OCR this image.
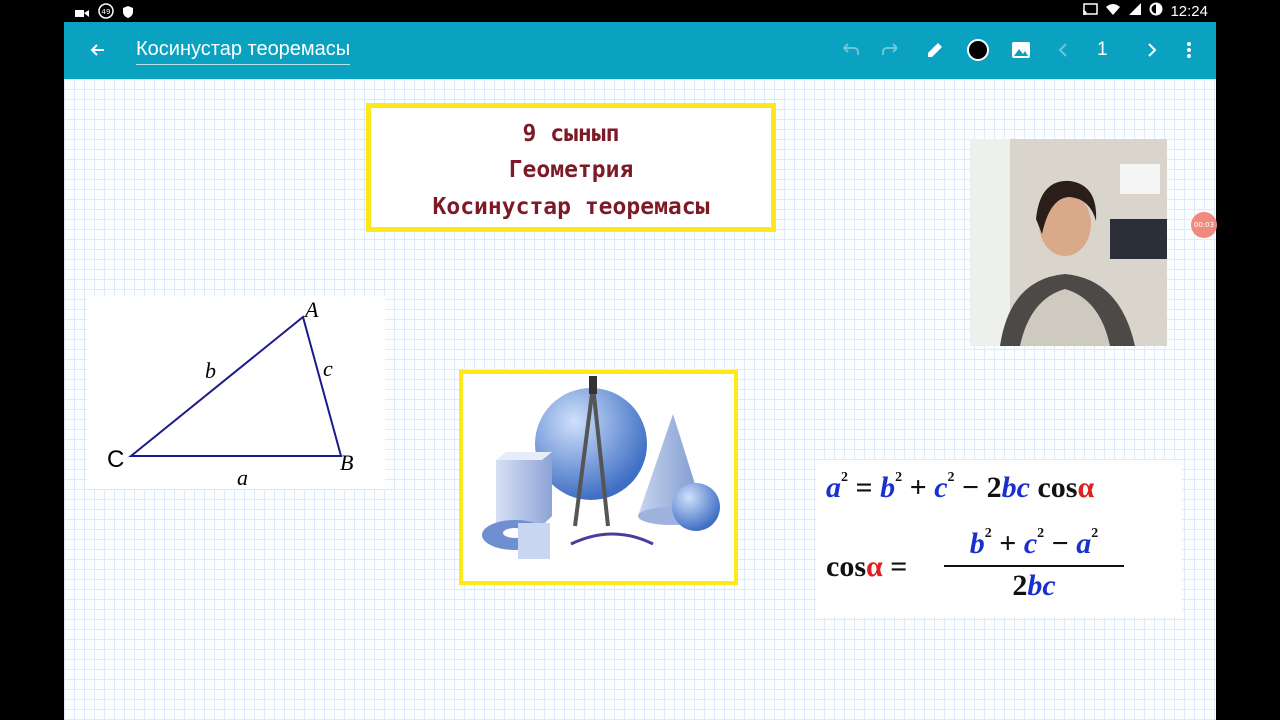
49	12:24
Косинустар теоремасы	1
9 сынып
Геометрия
Косинустар теоремасы
A
B
C
a
b	c
00:03
$a^2 = b^2 + c^2 - 2bc$ cosα
$\cos\alpha = \frac{b^2 + c^2 - a^2}{2bc}$
